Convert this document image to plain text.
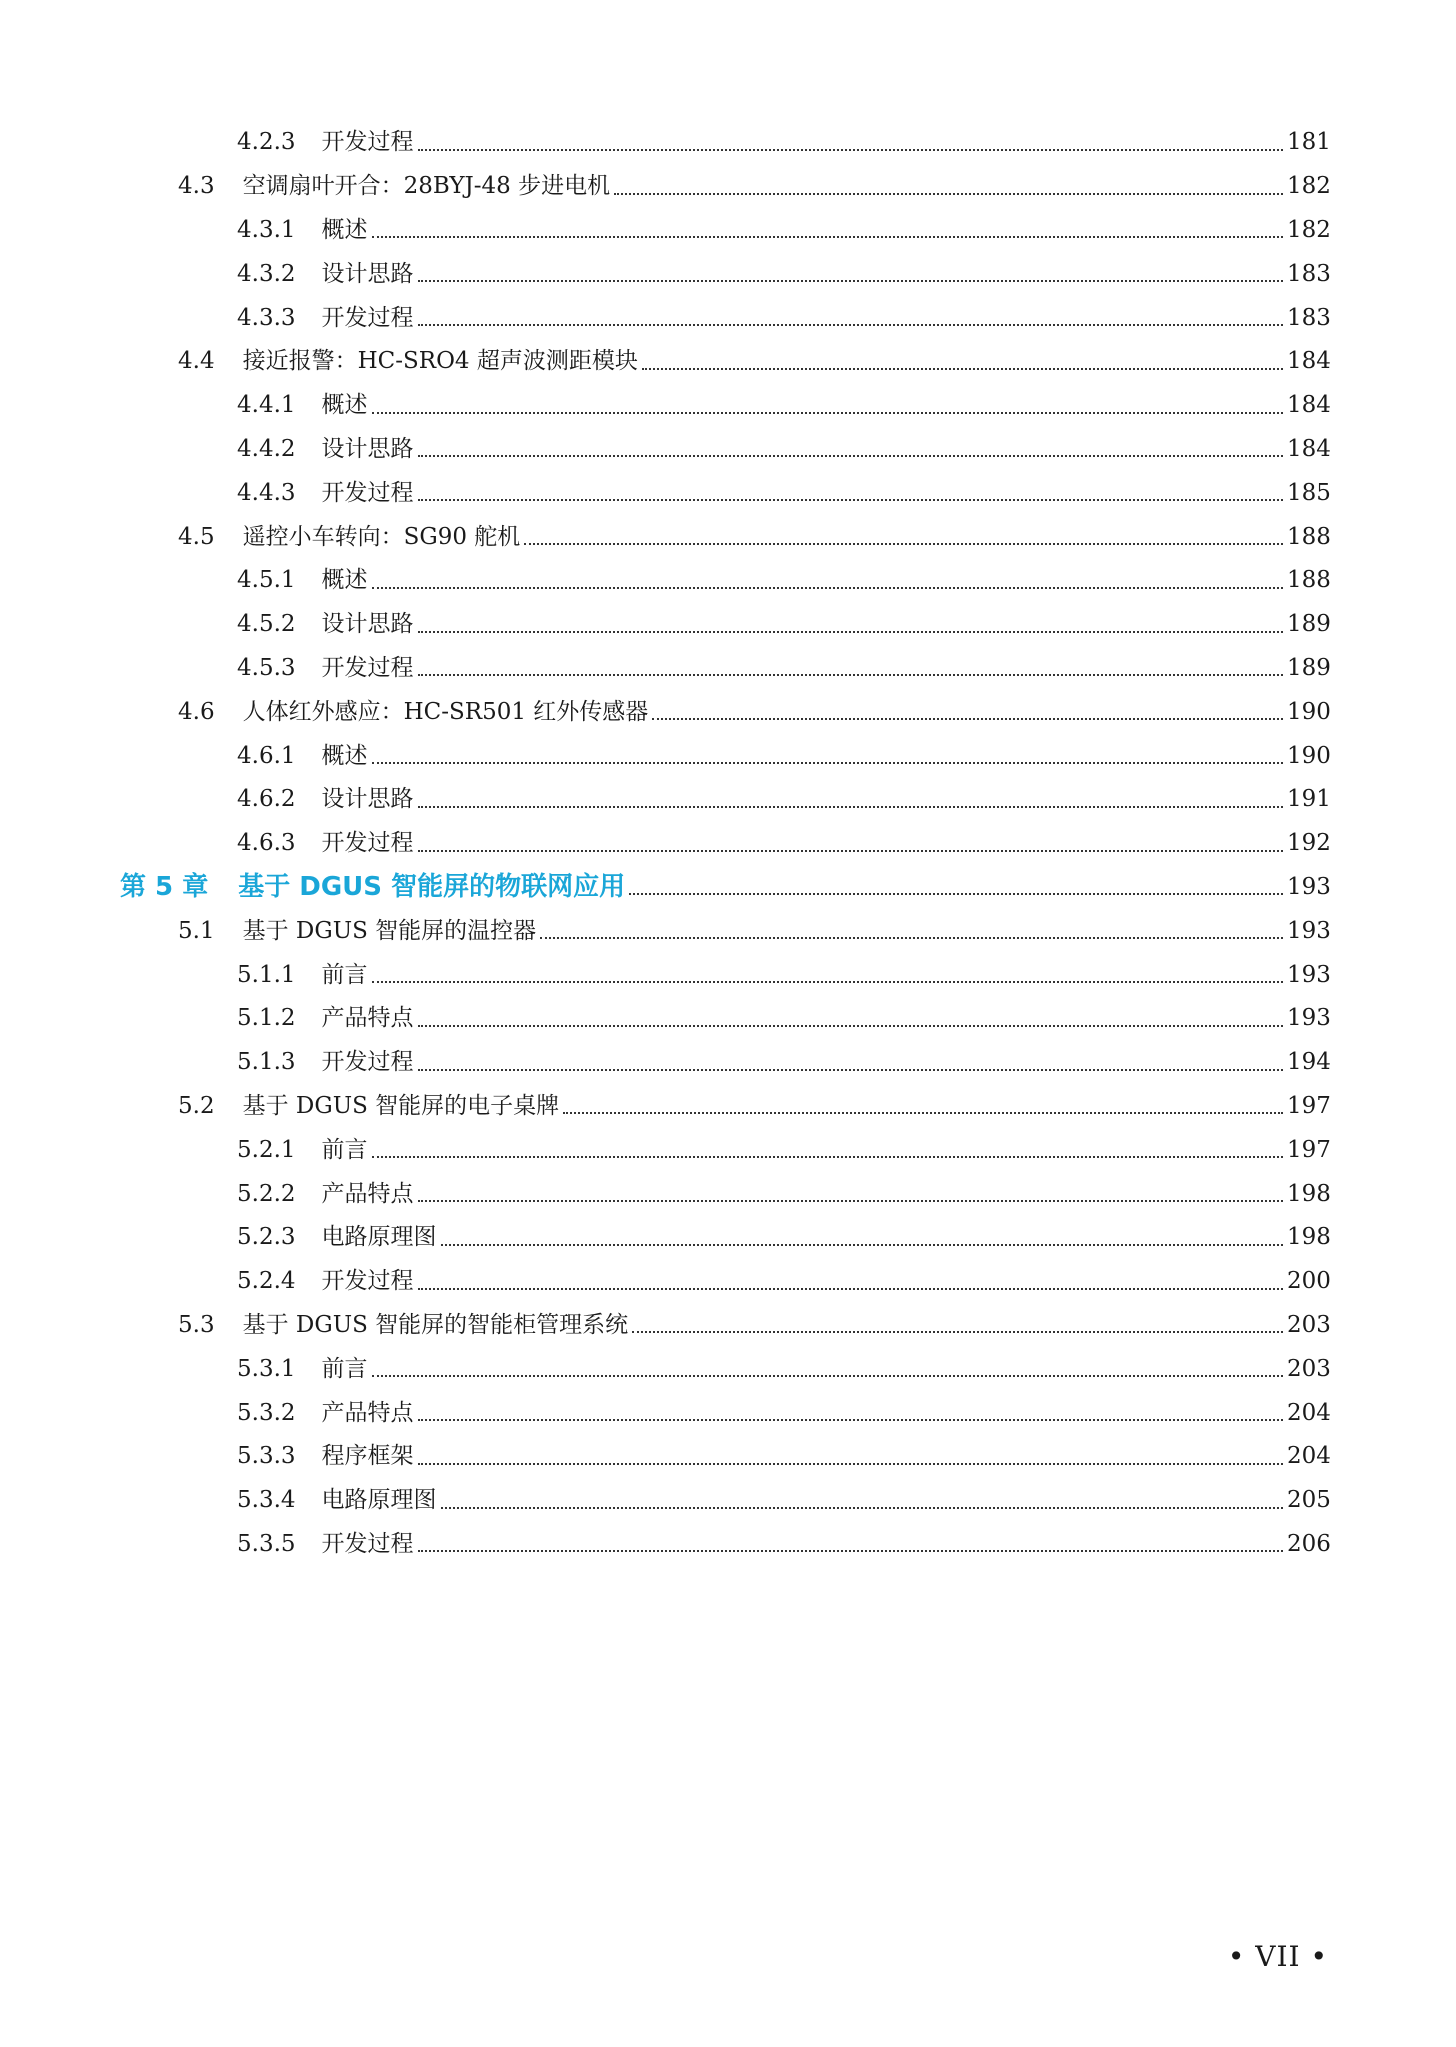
4.2.3 开发过程	181
4.3 空调扇叶开合：28BYJ-48 步进电机	182
4.3.1 概述	182
4.3.2 设计思路	183
4.3.3 开发过程	183
4.4 接近报警：HC-SRO4 超声波测距模块	184
4.4.1 概述	184
4.4.2 设计思路	184
4.4.3 开发过程	185
4.5 遥控小车转向：SG90 舵机	188
4.5.1 概述	188
4.5.2 设计思路	189
4.5.3 开发过程	189
4.6 人体红外感应：HC-SR501 红外传感器	190
4.6.1 概述	190
4.6.2 设计思路	191
4.6.3 开发过程	192
第 5 章 基于 DGUS 智能屏的物联网应用	193
5.1 基于 DGUS 智能屏的温控器	193
5.1.1 前言	193
5.1.2 产品特点	193
5.1.3 开发过程	194
5.2 基于 DGUS 智能屏的电子桌牌	197
5.2.1 前言	197
5.2.2 产品特点	198
5.2.3 电路原理图	198
5.2.4 开发过程	200
5.3 基于 DGUS 智能屏的智能柜管理系统	203
5.3.1 前言	203
5.3.2 产品特点	204
5.3.3 程序框架	204
5.3.4 电路原理图	205
5.3.5 开发过程	206
• VII •
